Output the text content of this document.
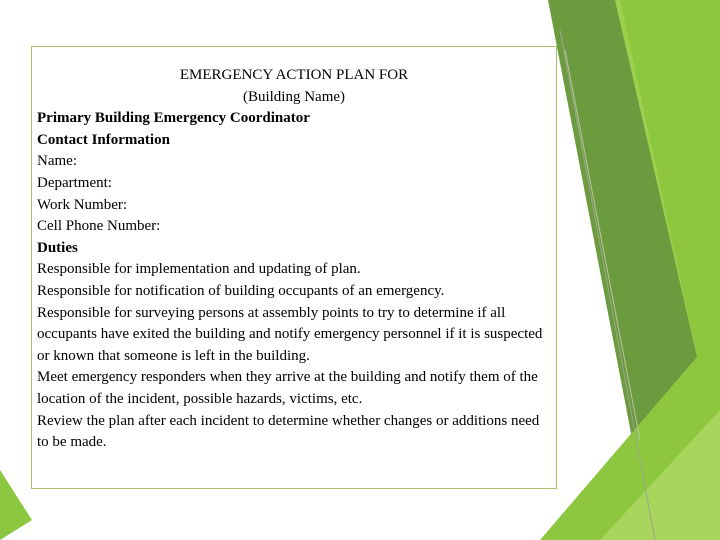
EMERGENCY ACTION PLAN FOR

(Building Name)

Primary Building Emergency Coordinator

Contact Information

Name:

Department:

Work Number:

Cell Phone Number:

Duties

Responsible for implementation and updating of plan.

Responsible for notification of building occupants of an emergency.

Responsible for surveying persons at assembly points to try to determine if all occupants have exited the building and notify emergency personnel if it is suspected or known that someone is left in the building.

Meet emergency responders when they arrive at the building and notify them of the location of the incident, possible hazards, victims, etc.

Review the plan after each incident to determine whether changes or additions need to be made.
